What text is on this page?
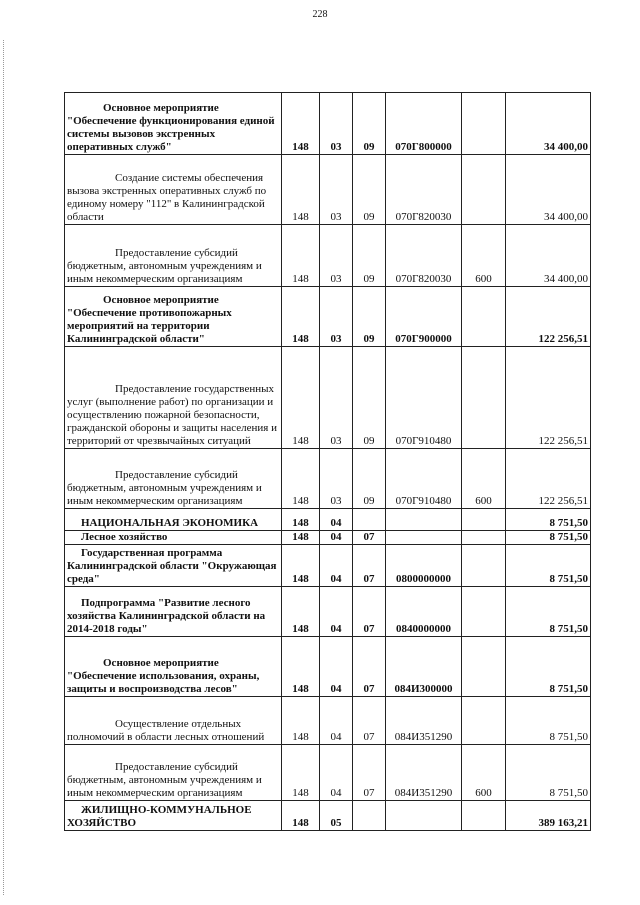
228
Основное мероприятие "Обеспечение функционирования единой системы вызовов экстренных оперативных служб"	148	03	09	070Г800000		34 400,00
Создание системы обеспечения вызова экстренных оперативных служб по единому номеру "112" в Калининградской области	148	03	09	070Г820030		34 400,00
Предоставление субсидий бюджетным, автономным учреждениям и иным некоммерческим организациям	148	03	09	070Г820030	600	34 400,00
Основное мероприятие "Обеспечение противопожарных мероприятий на территории Калининградской области"	148	03	09	070Г900000		122 256,51
Предоставление государственных услуг (выполнение работ) по организации и осуществлению пожарной безопасности, гражданской обороны и защиты населения и территорий от чрезвычайных ситуаций	148	03	09	070Г910480		122 256,51
Предоставление субсидий бюджетным, автономным учреждениям и иным некоммерческим организациям	148	03	09	070Г910480	600	122 256,51
НАЦИОНАЛЬНАЯ ЭКОНОМИКА	148	04				8 751,50
Лесное хозяйство	148	04	07			8 751,50
Государственная программа Калининградской области "Окружающая среда"	148	04	07	0800000000		8 751,50
Подпрограмма "Развитие лесного хозяйства Калининградской области на 2014-2018 годы"	148	04	07	0840000000		8 751,50
Основное мероприятие "Обеспечение использования, охраны, защиты и воспроизводства лесов"	148	04	07	084И300000		8 751,50
Осуществление отдельных полномочий в области лесных отношений	148	04	07	084И351290		8 751,50
Предоставление субсидий бюджетным, автономным учреждениям и иным некоммерческим организациям	148	04	07	084И351290	600	8 751,50
ЖИЛИЩНО-КОММУНАЛЬНОЕ ХОЗЯЙСТВО	148	05				389 163,21
